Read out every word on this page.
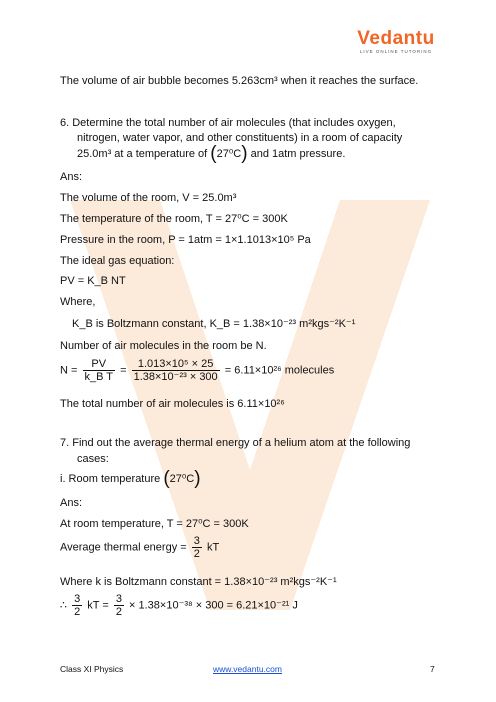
Vedantu
LIVE ONLINE TUTORING
The volume of air bubble becomes 5.263cm³ when it reaches the surface.
6. Determine the total number of air molecules (that includes oxygen,
nitrogen, water vapor, and other constituents) in a room of capacity
25.0m³ at a temperature of (27⁰C) and 1atm pressure.
Ans:
The volume of the room, V = 25.0m³
The temperature of the room, T = 27⁰C = 300K
Pressure in the room, P = 1atm = 1×1.1013×10⁵ Pa
The ideal gas equation:
PV = K_B NT
Where,
K_B is Boltzmann constant, K_B = 1.38×10⁻²³ m²kgs⁻²K⁻¹
Number of air molecules in the room be N.
$N = \frac{PV}{\text{k\_B T}} = \frac{\text{1.013×10⁵ × 25}}{\text{1.38×10⁻²³ × 300}} = 6.11\times 10^{26}$ molecules
The total number of air molecules is 6.11×10²⁶
7. Find out the average thermal energy of a helium atom at the following
cases:
i. Room temperature (27⁰C)
Ans:
At room temperature, T = 27⁰C = 300K
Average thermal energy = $\frac{3}{2}$ kT
Where k is Boltzmann constant = 1.38×10⁻²³ m²kgs⁻²K⁻¹
∴ $\frac{3}{2}$ kT = $\frac{3}{2} \times 1.38\times 10^{-38} \times 300 = 6.21\times 10^{-21}$ J
Class XI Physics	www.vedantu.com	7
